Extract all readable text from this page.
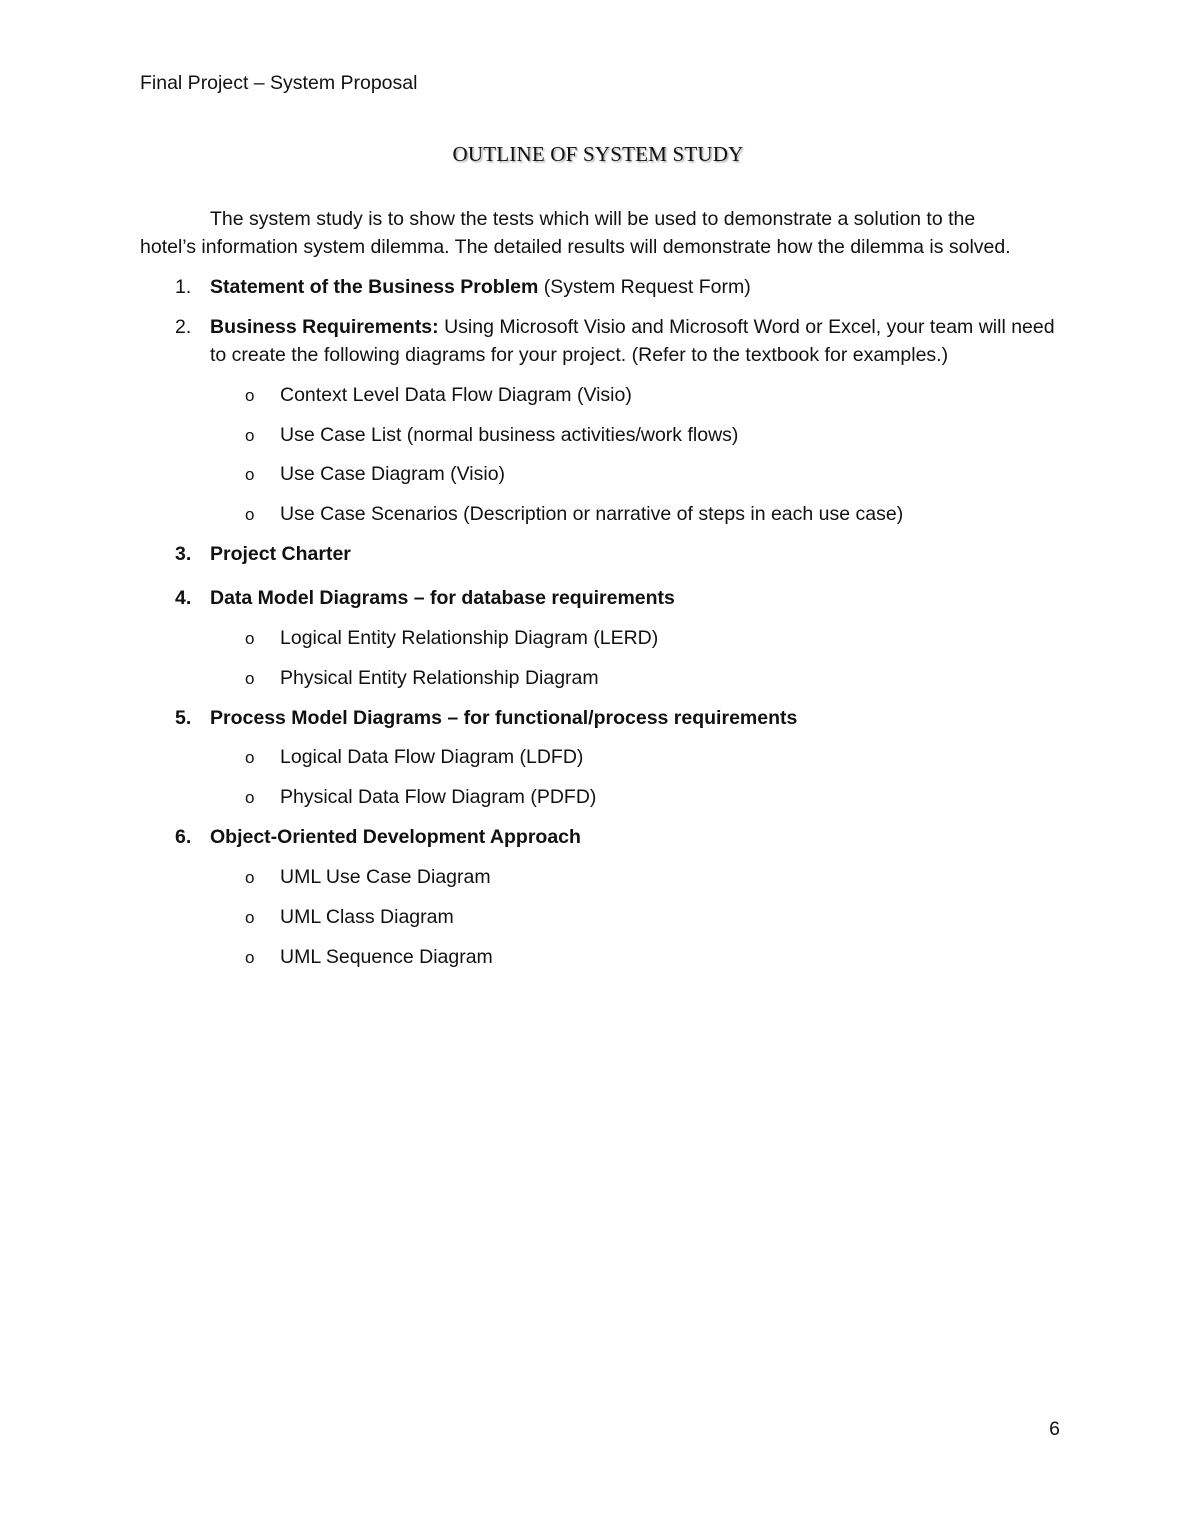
Final Project – System Proposal
OUTLINE OF SYSTEM STUDY
The system study is to show the tests which will be used to demonstrate a solution to the
hotel’s information system dilemma. The detailed results will demonstrate how the dilemma is solved.
1. Statement of the Business Problem (System Request Form)
2. Business Requirements: Using Microsoft Visio and Microsoft Word or Excel, your team will need
to create the following diagrams for your project. (Refer to the textbook for examples.)
o Context Level Data Flow Diagram (Visio)
o Use Case List (normal business activities/work flows)
o Use Case Diagram (Visio)
o Use Case Scenarios (Description or narrative of steps in each use case)
3. Project Charter
4. Data Model Diagrams – for database requirements
o Logical Entity Relationship Diagram (LERD)
o Physical Entity Relationship Diagram
5. Process Model Diagrams – for functional/process requirements
o Logical Data Flow Diagram (LDFD)
o Physical Data Flow Diagram (PDFD)
6. Object-Oriented Development Approach
o UML Use Case Diagram
o UML Class Diagram
o UML Sequence Diagram
6
